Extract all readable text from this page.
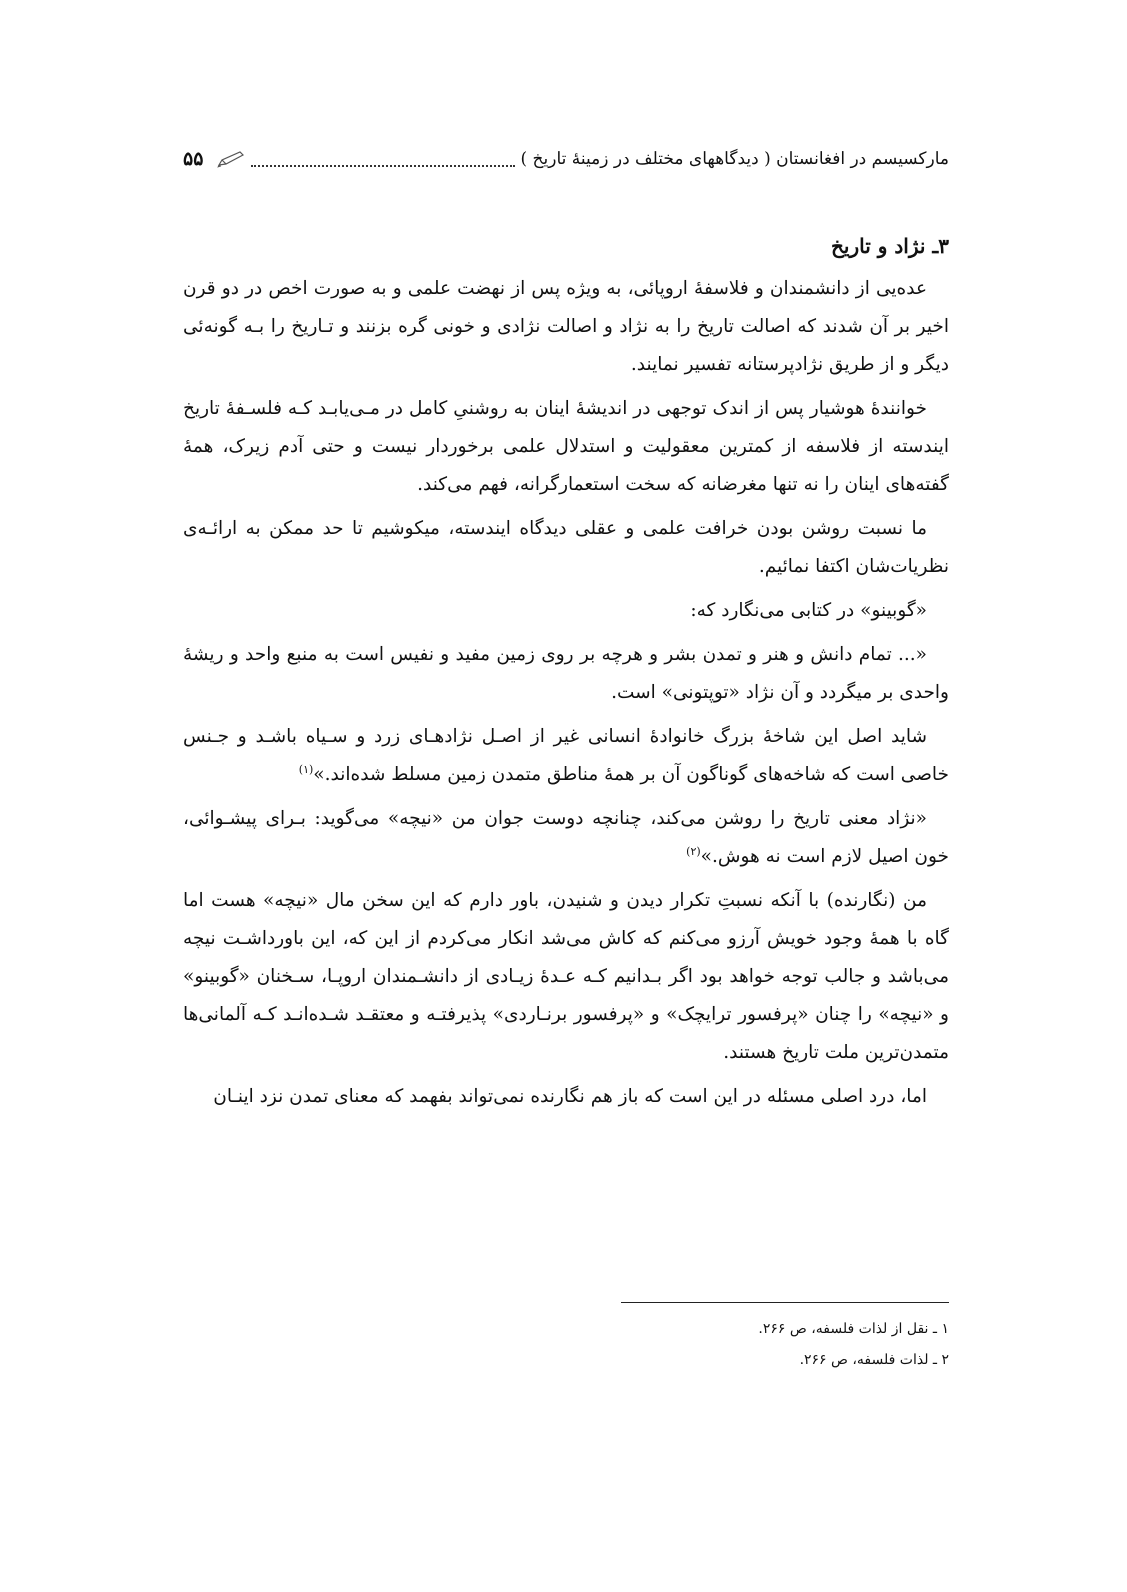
مارکسیسم در افغانستان ( دیدگاههای مختلف در زمینهٔ تاریخ )
۵۵
۳ـ نژاد و تاریخ

عده‌یی از دانشمندان و فلاسفهٔ اروپائی، به ویژه پس از نهضت علمی و به صورت اخص در دو قرن اخیر بر آن شدند که اصالت تاریخ را به نژاد و اصالت نژادی و خونی گره بزنند و تـاریخ را بـه گونه‌ئی دیگر و از طریق نژادپرستانه تفسیر نمایند.

خوانندهٔ هوشیار پس از اندک توجهی در اندیشهٔ اینان به روشنیِ کامل در مـی‌یابـد کـه فلسـفهٔ تاریخ ایندسته از فلاسفه از کمترین معقولیت و استدلال علمی برخوردار نیست و حتی آدم زیرک، همهٔ گفته‌های اینان را نه تنها مغرضانه که سخت استعمارگرانه، فهم می‌کند.

ما نسبت روشن بودن خرافت علمی و عقلی دیدگاه ایندسته، میکوشیم تا حد ممکن به ارائـه‌ی نظریات‌شان اکتفا نمائیم.

«گوبینو» در کتابی می‌نگارد که:

«... تمام دانش و هنر و تمدن بشر و هرچه بر روی زمین مفید و نفیس است به منبع واحد و ریشهٔ واحدی بر میگردد و آن نژاد «توپتونی» است.

شاید اصل این شاخهٔ بزرگ خانوادهٔ انسانی غیر از اصـل نژادهـای زرد و سـیاه باشـد و جـنس خاصی است که شاخه‌های گوناگون آن بر همهٔ مناطق متمدن زمین مسلط شده‌اند.»$^{(۱)}$

«نژاد معنی تاریخ را روشن می‌کند، چنانچه دوست جوان من «نیچه» می‌گوید: بـرای پیشـوائی، خون اصیل لازم است نه هوش.»$^{(۲)}$

من (نگارنده) با آنکه نسبتِ تکرار دیدن و شنیدن، باور دارم که این سخن مال «نیچه» هست اما گاه با همهٔ وجود خویش آرزو می‌کنم که کاش می‌شد انکار می‌کردم از این که، این باورداشـت نیچه می‌باشد و جالب توجه خواهد بود اگر بـدانیم کـه عـدهٔ زیـادی از دانشـمندان اروپـا، سـخنان «گوبینو» و «نیچه» را چنان «پرفسور ترایچک» و «پرفسور برنـاردی» پذیرفتـه و معتقـد شـده‌انـد کـه آلمانی‌ها متمدن‌ترین ملت تاریخ هستند.

اما، درد اصلی مسئله در این است که باز هم نگارنده نمی‌تواند بفهمد که معنای تمدن نزد اینـان

۱ ـ نقل از لذات فلسفه، ص ۲۶۶.

۲ ـ لذات فلسفه، ص ۲۶۶.
